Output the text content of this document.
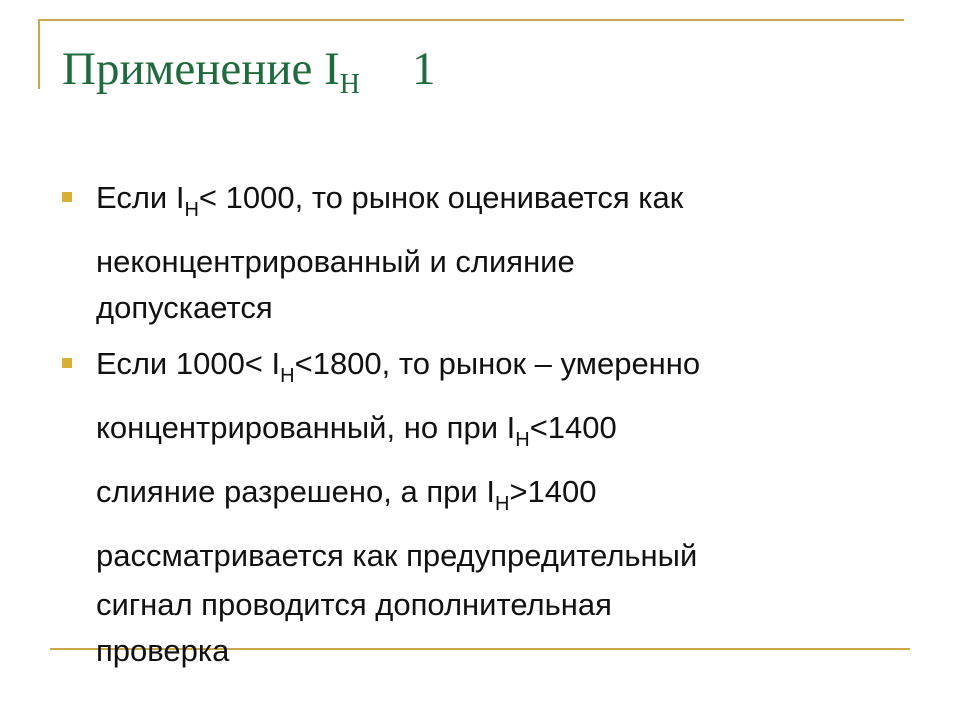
Применение $I_Н$ 1
Если $I_Н< 1000$, то рынок оценивается как
неконцентрированный и слияние
допускается
Если $1000< I_Н<1800$, то рынок – умеренно
концентрированный, но при $I_Н<1400$
слияние разрешено, а при $I_Н>1400$
рассматривается как предупредительный
сигнал проводится дополнительная
проверка
